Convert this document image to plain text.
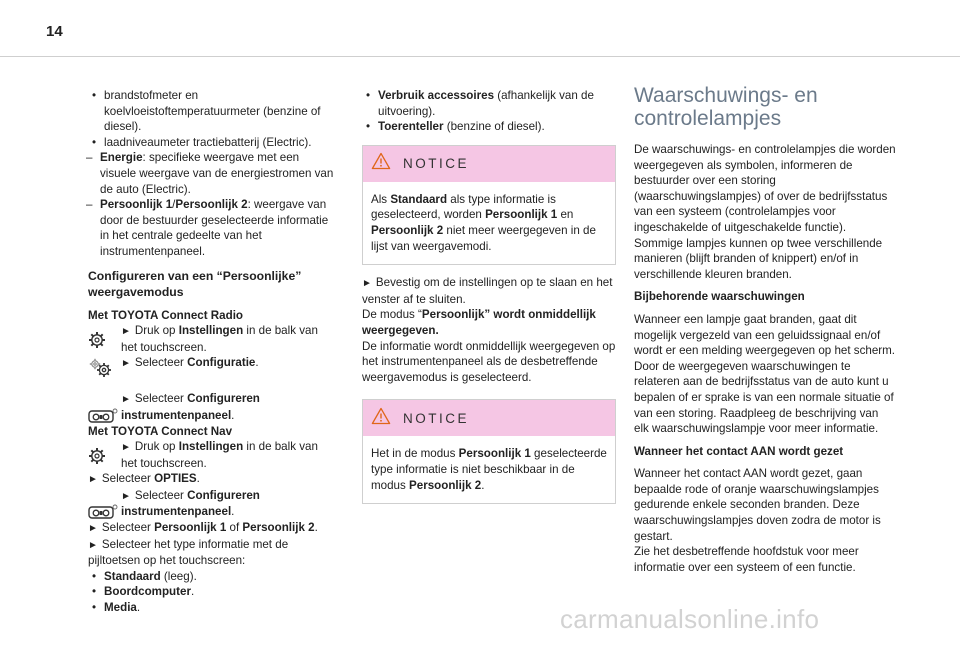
14
• brandstofmeter en koelvloeistoftemperatuurmeter (benzine of diesel).
• laadniveaumeter tractiebatterij (Electric).
– Energie: specifieke weergave met een visuele weergave van de energiestromen van de auto (Electric).
– Persoonlijk 1/Persoonlijk 2: weergave van door de bestuurder geselecteerde informatie in het centrale gedeelte van het instrumentenpaneel.
Configureren van een “Persoonlijke” weergavemodus
Met TOYOTA Connect Radio
► Druk op Instellingen in de balk van het touchscreen.
► Selecteer Configuratie.
► Selecteer Configureren instrumentenpaneel.
Met TOYOTA Connect Nav
► Druk op Instellingen in de balk van het touchscreen.
► Selecteer OPTIES.
► Selecteer Configureren instrumentenpaneel.
► Selecteer Persoonlijk 1 of Persoonlijk 2.
► Selecteer het type informatie met de pijltoetsen op het touchscreen:
• Standaard (leeg).
• Boordcomputer.
• Media.
• Verbruik accessoires (afhankelijk van de uitvoering).
• Toerenteller (benzine of diesel).
NOTICE
Als Standaard als type informatie is geselecteerd, worden Persoonlijk 1 en Persoonlijk 2 niet meer weergegeven in de lijst van weergavemodi.
► Bevestig om de instellingen op te slaan en het venster af te sluiten.
De modus “Persoonlijk” wordt onmiddellijk weergegeven.
De informatie wordt onmiddellijk weergegeven op het instrumentenpaneel als de desbetreffende weergavemodus is geselecteerd.
NOTICE
Het in de modus Persoonlijk 1 geselecteerde type informatie is niet beschikbaar in de modus Persoonlijk 2.
Waarschuwings- en controlelampjes

De waarschuwings- en controlelampjes die worden weergegeven als symbolen, informeren de bestuurder over een storing (waarschuwingslampjes) of over de bedrijfsstatus van een systeem (controlelampjes voor ingeschakelde of uitgeschakelde functie). Sommige lampjes kunnen op twee verschillende manieren (blijft branden of knippert) en/of in verschillende kleuren branden.

Bijbehorende waarschuwingen

Wanneer een lampje gaat branden, gaat dit mogelijk vergezeld van een geluidssignaal en/of wordt er een melding weergegeven op het scherm. Door de weergegeven waarschuwingen te relateren aan de bedrijfsstatus van de auto kunt u bepalen of er sprake is van een normale situatie of van een storing. Raadpleeg de beschrijving van elk waarschuwingslampje voor meer informatie.

Wanneer het contact AAN wordt gezet

Wanneer het contact AAN wordt gezet, gaan bepaalde rode of oranje waarschuwingslampjes gedurende enkele seconden branden. Deze waarschuwingslampjes doven zodra de motor is gestart.

Zie het desbetreffende hoofdstuk voor meer informatie over een systeem of een functie.

carmanualsonline.info
